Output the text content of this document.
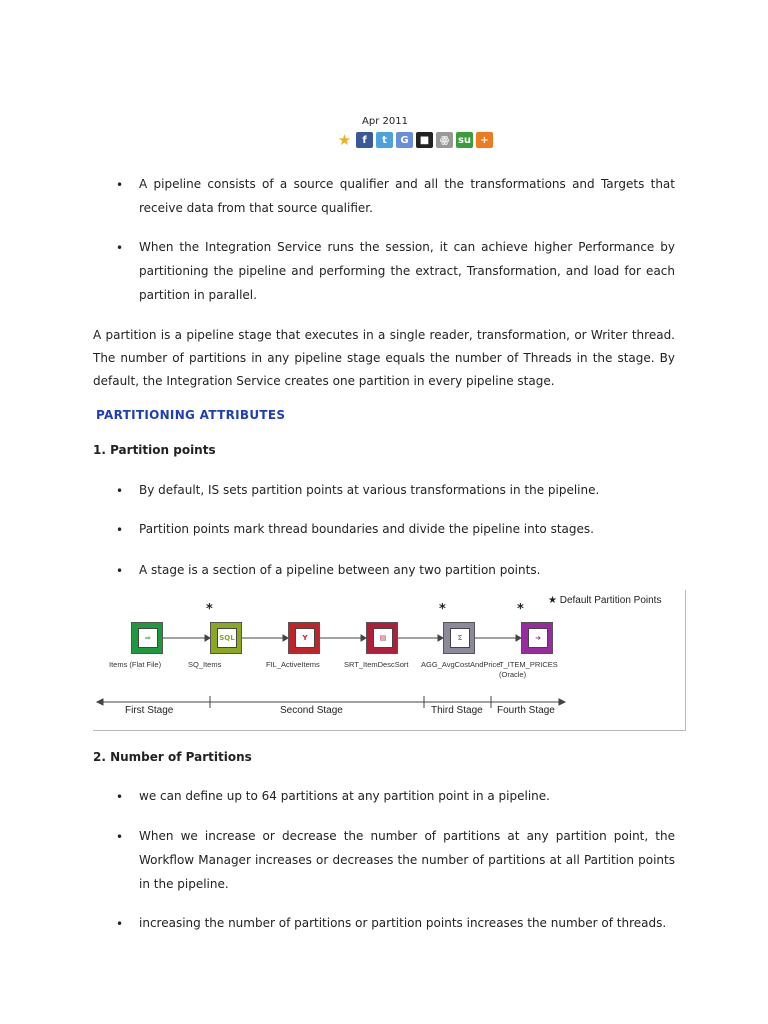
Apr 2011
★	f	t	G	■	ꙮ su +
• A pipeline consists of a source qualifier and all the transformations and Targets that receive data from that source qualifier.
• When the Integration Service runs the session, it can achieve higher Performance by partitioning the pipeline and performing the extract, Transformation, and load for each partition in parallel.
A partition is a pipeline stage that executes in a single reader, transformation, or Writer thread. The number of partitions in any pipeline stage equals the number of Threads in the stage. By default, the Integration Service creates one partition in every pipeline stage.
PARTITIONING ATTRIBUTES
1. Partition points
• By default, IS sets partition points at various transformations in the pipeline.
• Partition points mark thread boundaries and divide the pipeline into stages.
• A stage is a section of a pipeline between any two partition points.
★ Default Partition Points
⇨
Items (Flat File)
SQL
SQ_Items
*
Y
FIL_ActiveItems
▤
SRT_ItemDescSort
Σ
AGG_AvgCostAndPrice
*
➜
T_ITEM_PRICES (Oracle)
*
First Stage	Second Stage	Third Stage Fourth Stage
2. Number of Partitions
• we can define up to 64 partitions at any partition point in a pipeline.
• When we increase or decrease the number of partitions at any partition point, the Workflow Manager increases or decreases the number of partitions at all Partition points in the pipeline.
• increasing the number of partitions or partition points increases the number of threads.
